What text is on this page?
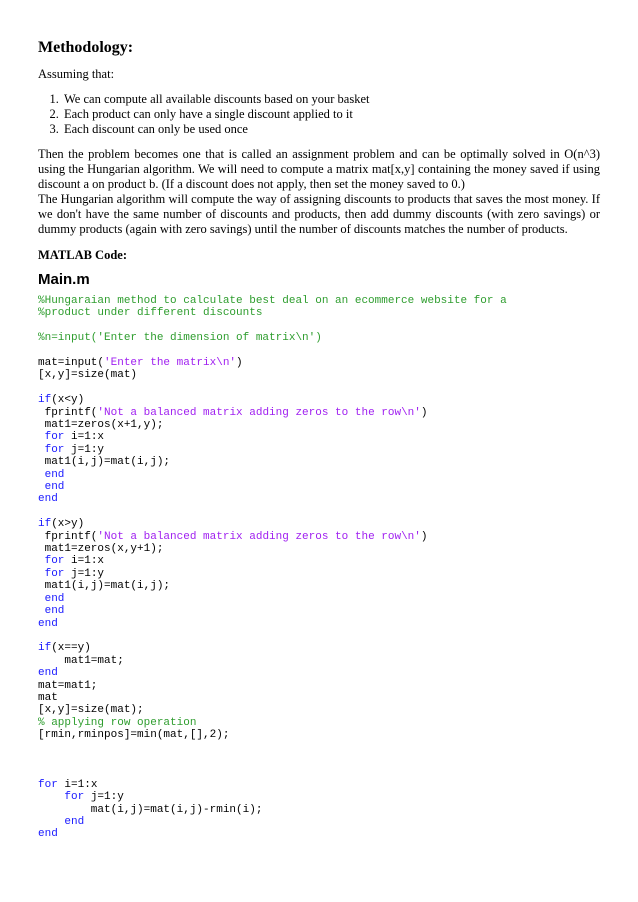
Methodology:

Assuming that:

1. We can compute all available discounts based on your basket
2. Each product can only have a single discount applied to it
3. Each discount can only be used once

Then the problem becomes one that is called an assignment problem and can be optimally solved in O(n^3) using the Hungarian algorithm. We will need to compute a matrix mat[x,y] containing the money saved if using discount a on product b. (If a discount does not apply, then set the money saved to 0.)

The Hungarian algorithm will compute the way of assigning discounts to products that saves the most money. If we don't have the same number of discounts and products, then add dummy discounts (with zero savings) or dummy products (again with zero savings) until the number of discounts matches the number of products.

MATLAB Code:

Main.m

%Hungaraian method to calculate best deal on an ecommerce website for a
%product under different discounts
%n=input('Enter the dimension of matrix\n')
mat=input('Enter the matrix\n')
[x,y]=size(mat)
if(x<y)
fprintf('Not a balanced matrix adding zeros to the row\n')
mat1=zeros(x+1,y);
for i=1:x
for j=1:y
mat1(i,j)=mat(i,j);
end
end
end
if(x>y)
fprintf('Not a balanced matrix adding zeros to the row\n')
mat1=zeros(x,y+1);
for i=1:x
for j=1:y
mat1(i,j)=mat(i,j);
end
end
end
if(x==y)
mat1=mat;
end
mat=mat1;
mat
[x,y]=size(mat);
% applying row operation
[rmin,rminpos]=min(mat,[],2);
for i=1:x
for j=1:y
mat(i,j)=mat(i,j)-rmin(i);
end
end
